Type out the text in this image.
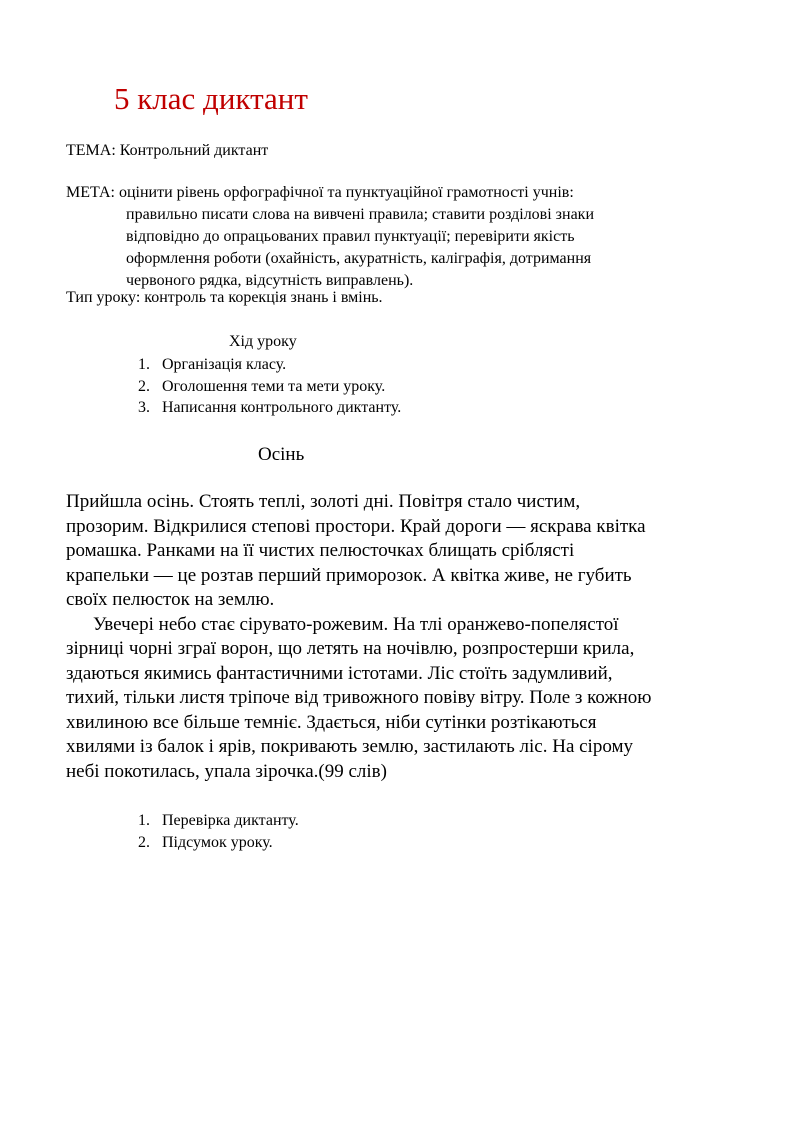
5 клас диктант
ТЕМА: Контрольний диктант
МЕТА: оцінити рівень орфографічної та пунктуаційної грамотності учнів:
правильно писати слова на вивчені правила; ставити розділові знаки
відповідно до опрацьованих правил пунктуації; перевірити якість
оформлення роботи (охайність, акуратність, каліграфія, дотримання
червоного рядка, відсутність виправлень).
Тип уроку: контроль та корекція знань і вмінь.
Хід уроку
1. Організація класу.
2. Оголошення теми та мети уроку.
3. Написання контрольного диктанту.
Осінь
Прийшла осінь. Стоять теплі, золоті дні. Повітря стало чистим,
прозорим. Відкрилися степові простори. Край дороги — яскрава квітка
ромашка. Ранками на її чистих пелюсточках блищать сріблясті
крапельки — це розтав перший приморозок. А квітка живе, не губить
своїх пелюсток на землю.
Увечері небо стає сірувато-рожевим. На тлі оранжево-попелястої
зірниці чорні зграї ворон, що летять на ночівлю, розпростерши крила,
здаються якимись фантастичними істотами. Ліс стоїть задумливий,
тихий, тільки листя тріпоче від тривожного повіву вітру. Поле з кожною
хвилиною все більше темніє. Здається, ніби сутінки розтікаються
хвилями із балок і ярів, покривають землю, застилають ліс. На сірому
небі покотилась, упала зірочка.(99 слів)
1. Перевірка диктанту.
2. Підсумок уроку.
